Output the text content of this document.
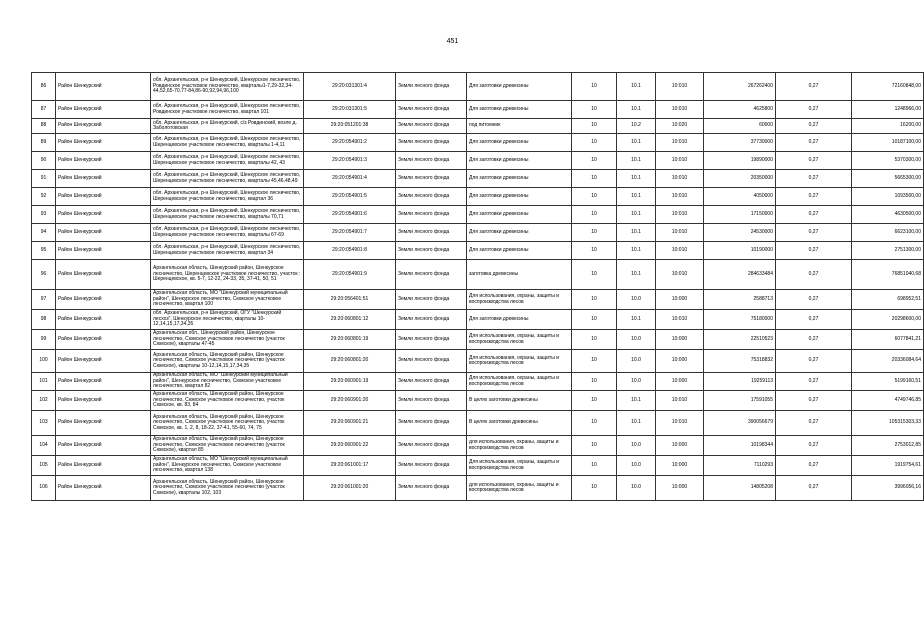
451
86	Район Шенкурский	обл. Архангельская, р-н Шенкурский, Шенкурское лесничество, Ровдинское участковое лесничество, кварталы1-7,29-32,34-44,52,65-70,77-84,86-90,92,94,96,100	29:20:031301:4	Земли лесного фонда	Для заготовки древесины	10	10.1	10:010	267262400	0,27	72160848,00
87	Район Шенкурский	обл. Архангельская, р-н Шенкурский, Шенкурское лесничество, Ровдинское участковое лесничество, квартал 101	29:20:031301:5	Земли лесного фонда	Для заготовки древесины	10	10.1	10:010	4625800	0,27	1248966,00
88	Район Шенкурский	обл. Архангельская, р-н Шенкурский, с/з Ровдинский, возле д. Заболотовская	29:20:051201:38	Земли лесного фонда	под питомник	10	10.2	10:020	60000	0,27	16200,00
89	Район Шенкурский	обл. Архангельская, р-н Шенкурский, Шенкурское лесничество, Шеренцевское участковое лесничество, кварталы 1-4,11	29:20:054901:2	Земли лесного фонда	Для заготовки древесины	10	10.1	10:010	37730000	0,27	10187100,00
90	Район Шенкурский	обл. Архангельская, р-н Шенкурский, Шенкурское лесничество, Шеренцевское участковое лесничество, кварталы 42, 43	29:20:054901:3	Земли лесного фонда	Для заготовки древесины	10	10.1	10:010	19890000	0,27	5370300,00
91	Район Шенкурский	обл. Архангельская, р-н Шенкурский, Шенкурское лесничество, Шеренцевское участковое лесничество, кварталы 45,46,48,49	29:20:054901:4	Земли лесного фонда	Для заготовки древесины	10	10.1	10:010	20350000	0,27	5665300,00
92	Район Шенкурский	обл. Архангельская, р-н Шенкурский, Шенкурское лесничество, Шеренцевское участковое лесничество, квартал 36	29:20:054901:5	Земли лесного фонда	Для заготовки древесины	10	10.1	10:010	4050000	0,27	1093500,00
93	Район Шенкурский	обл. Архангельская, р-н Шенкурский, Шенкурское лесничество, Шеренцевское участковое лесничество, кварталы 70,71	29:20:054901:6	Земли лесного фонда	Для заготовки древесины	10	10.1	10:010	17150000	0,27	4630500,00
94	Район Шенкурский	обл. Архангельская, р-н Шенкурский, Шенкурское лесничество, Шеренцевское участковое лесничество, кварталы 67-69	29:20:054901:7	Земли лесного фонда	Для заготовки древесины	10	10.1	10:010	24530000	0,27	6623100,00
95	Район Шенкурский	обл. Архангельская, р-н Шенкурский, Шенкурское лесничество, Шеренцевское участковое лесничество, квартал 34	29:20:054901:8	Земли лесного фонда	Для заготовки древесины	10	10.1	10:010	10190000	0,27	2751300,00
96	Район Шенкурский	Архангельская область, Шенкурский район, Шенкурское лесничество, Шеренцевское участковое лесничество, участок : Шеренцевское, кв. 5-7, 12-22, 24-33, 35, 37-41, 50, 51	29:20:054901:9	Земли лесного фонда	заготовка древесины	10	10.1	10:010	284633484	0,27	76851040,68
97	Район Шенкурский	Архангельская область, МО "Шенкурский муниципальный район", Шенкурское лесничество, Сюмское участковое лесничество, квартал 100	29:20:056401:51	Земли лесного фонда	Для использования, охраны, защиты и воспроизводства лесов	10	10.0	10:000	2588713	0,27	698952,51
98	Район Шенкурский	обл. Архангельская, р-н Шенкурский, ОГУ "Шенкурский лесхоз", Шенкурское лесничество, кварталы 10-12,14,15,17,34,35	29:20:060801:12	Земли лесного фонда	Для заготовки древесины	10	10.1	10:010	75180000	0,27	20298600,00
99	Район Шенкурский	Архангельская обл., Шенкурский район, Шенкурское лесничество, Сюмское участковое лесничество (участок Сюмское), кварталы 47-45	29:20:060801:19	Земли лесного фонда	Для использования, охраны, защиты и воспроизводства лесов	10	10.0	10:000	22510523	0,27	6077841,21
100	Район Шенкурский	Архангельская область, Шенкурский район, Шенкурское лесничество, Сюмское участковое лесничество (участок Сюмское), кварталы 10-12,14,15,17,34,35	29:20:060801:20	Земли лесного фонда	Для использования, охраны, защиты и воспроизводства лесов	10	10.0	10:000	75318832	0,27	20336084,64
101	Район Шенкурский	Архангельская область, МО "Шенкурский муниципальный район", Шенкурское лесничество, Сюмское участковое лесничество, квартал 82	29:20:060901:19	Земли лесного фонда	Для использования, охраны, защиты и воспроизводства лесов	10	10.0	10:000	19259113	0,27	5199160,51
102	Район Шенкурский	Архангельская область, Шенкурский район, Шенкурское лесничество, Сюмское участковое лесничество, участок Сюмское, кв. 83, 84	29:20:060901:20	Земли лесного фонда	В целях заготовки древесины	10	10.1	10:010	17591055	0,27	4749746,85
103	Район Шенкурский	Архангельская область, Шенкурский район, Шенкурское лесничество, Сюмское участковое лесничество, участок Сюмское, кв. 1, 2, 8, 18-22, 37-41, 55-60, 74, 75	29:20:060901:21	Земли лесного фонда	В целях заготовки древесины	10	10.1	10:010	390056679	0,27	105315303,33
104	Район Шенкурский	Архангельская область, Шенкурский район, Шенкурское лесничество, Сюмское участковое лесничество (участок Сюмское), квартал 85	29:20:060901:22	Земли лесного фонда	для использования, охраны, защиты и воспроизводства лесов	10	10.0	10:000	10198344	0,27	2753012,85
105	Район Шенкурский	Архангельская область, МО "Шенкурский муниципальный район", Шенкурское лесничество, Сюмское участковое лесничество, квартал 138	29:20:061001:17	Земли лесного фонда	Для использования, охраны, защиты и воспроизводства лесов	10	10.0	10:000	7110293	0,27	1919754,61
106	Район Шенкурский	Архангельская область, Шенкурский район, Шенкурское лесничество, Сюмское участковое лесничество (участок Сюмское), кварталы 102, 103	29:20:061001:20	Земли лесного фонда	для использования, охраны, защиты и воспроизводства лесов	10	10.0	10:000	14805208	0,27	3996056,16
